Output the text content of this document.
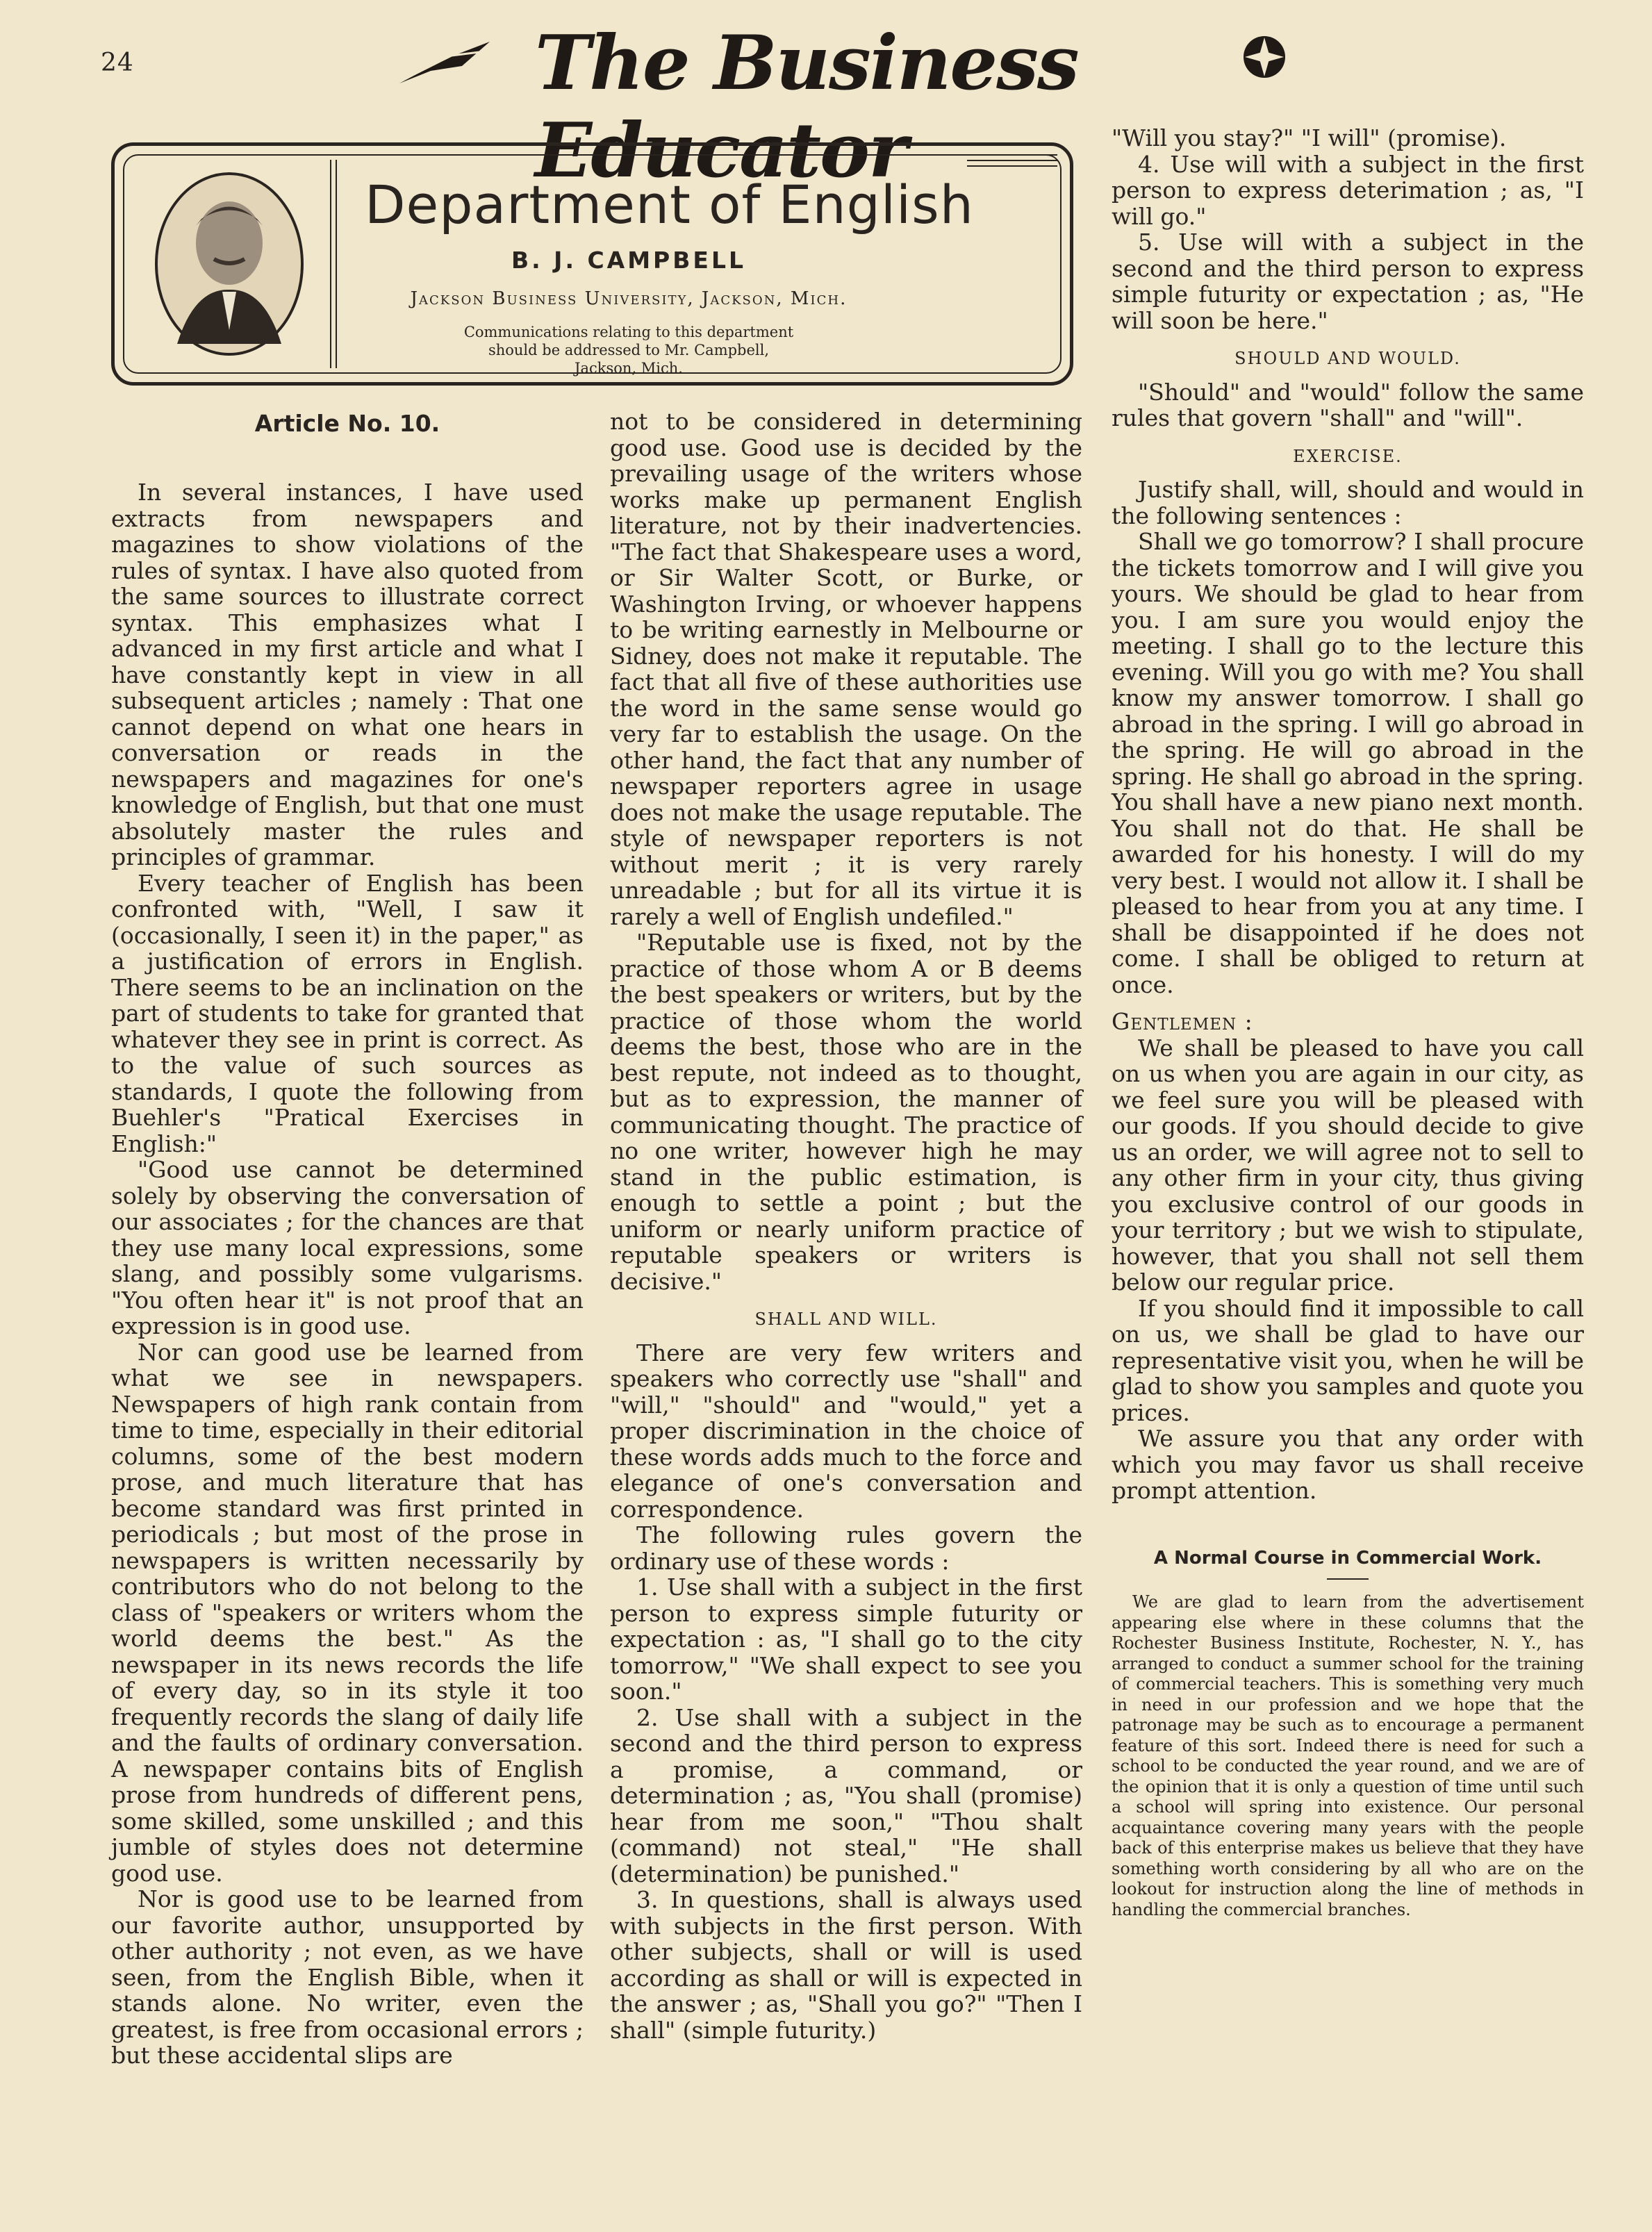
24	The Business Educator
Department of English
B. J. CAMPBELL
Jackson Business University, Jackson, Mich.
Communications relating to this department should be addressed to Mr. Campbell, Jackson, Mich.
Article No. 10.

In several instances, I have used extracts from newspapers and magazines to show violations of the rules of syntax. I have also quoted from the same sources to illustrate correct syntax. This emphasizes what I advanced in my first article and what I have constantly kept in view in all subsequent articles ; namely : That one cannot depend on what one hears in conversation or reads in the newspapers and magazines for one's knowledge of English, but that one must absolutely master the rules and principles of grammar.

Every teacher of English has been confronted with, "Well, I saw it (occasionally, I seen it) in the paper," as a justification of errors in English. There seems to be an inclination on the part of students to take for granted that whatever they see in print is correct. As to the value of such sources as standards, I quote the following from Buehler's "Pratical Exercises in English:"

"Good use cannot be determined solely by observing the conversation of our associates ; for the chances are that they use many local expressions, some slang, and possibly some vulgarisms. "You often hear it" is not proof that an expression is in good use.

Nor can good use be learned from what we see in newspapers. Newspapers of high rank contain from time to time, especially in their editorial columns, some of the best modern prose, and much literature that has become standard was first printed in periodicals ; but most of the prose in newspapers is written necessarily by contributors who do not belong to the class of "speakers or writers whom the world deems the best." As the newspaper in its news records the life of every day, so in its style it too frequently records the slang of daily life and the faults of ordinary conversation. A newspaper contains bits of English prose from hundreds of different pens, some skilled, some unskilled ; and this jumble of styles does not determine good use.

Nor is good use to be learned from our favorite author, unsupported by other authority ; not even, as we have seen, from the English Bible, when it stands alone. No writer, even the greatest, is free from occasional errors ; but these accidental slips are

not to be considered in determining good use. Good use is decided by the prevailing usage of the writers whose works make up permanent English literature, not by their inadvertencies. "The fact that Shakespeare uses a word, or Sir Walter Scott, or Burke, or Washington Irving, or whoever happens to be writing earnestly in Melbourne or Sidney, does not make it reputable. The fact that all five of these authorities use the word in the same sense would go very far to establish the usage. On the other hand, the fact that any number of newspaper reporters agree in usage does not make the usage reputable. The style of newspaper reporters is not without merit ; it is very rarely unreadable ; but for all its virtue it is rarely a well of English undefiled."

"Reputable use is fixed, not by the practice of those whom A or B deems the best speakers or writers, but by the practice of those whom the world deems the best, those who are in the best repute, not indeed as to thought, but as to expression, the manner of communicating thought. The practice of no one writer, however high he may stand in the public estimation, is enough to settle a point ; but the uniform or nearly uniform practice of reputable speakers or writers is decisive."

SHALL AND WILL.

There are very few writers and speakers who correctly use "shall" and "will," "should" and "would," yet a proper discrimination in the choice of these words adds much to the force and elegance of one's conversation and correspondence.

The following rules govern the ordinary use of these words :

1. Use shall with a subject in the first person to express simple futurity or expectation : as, "I shall go to the city tomorrow," "We shall expect to see you soon."

2. Use shall with a subject in the second and the third person to express a promise, a command, or determination ; as, "You shall (promise) hear from me soon," "Thou shalt (command) not steal," "He shall (determination) be punished."

3. In questions, shall is always used with subjects in the first person. With other subjects, shall or will is used according as shall or will is expected in the answer ; as, "Shall you go?" "Then I shall" (simple futurity.)

"Will you stay?" "I will" (promise).

4. Use will with a subject in the first person to express deterimation ; as, "I will go."

5. Use will with a subject in the second and the third person to express simple futurity or expectation ; as, "He will soon be here."

SHOULD AND WOULD.

"Should" and "would" follow the same rules that govern "shall" and "will".

EXERCISE.

Justify shall, will, should and would in the following sentences :

Shall we go tomorrow? I shall procure the tickets tomorrow and I will give you yours. We should be glad to hear from you. I am sure you would enjoy the meeting. I shall go to the lecture this evening. Will you go with me? You shall know my answer tomorrow. I shall go abroad in the spring. I will go abroad in the spring. He will go abroad in the spring. He shall go abroad in the spring. You shall have a new piano next month. You shall not do that. He shall be awarded for his honesty. I will do my very best. I would not allow it. I shall be pleased to hear from you at any time. I shall be disappointed if he does not come. I shall be obliged to return at once.

Gentlemen :

We shall be pleased to have you call on us when you are again in our city, as we feel sure you will be pleased with our goods. If you should decide to give us an order, we will agree not to sell to any other firm in your city, thus giving you exclusive control of our goods in your territory ; but we wish to stipulate, however, that you shall not sell them below our regular price.

If you should find it impossible to call on us, we shall be glad to have our representative visit you, when he will be glad to show you samples and quote you prices.

We assure you that any order with which you may favor us shall receive prompt attention.

A Normal Course in Commercial Work.

We are glad to learn from the advertisement appearing else where in these columns that the Rochester Business Institute, Rochester, N. Y., has arranged to conduct a summer school for the training of commercial teachers. This is something very much in need in our profession and we hope that the patronage may be such as to encourage a permanent feature of this sort. Indeed there is need for such a school to be conducted the year round, and we are of the opinion that it is only a question of time until such a school will spring into existence. Our personal acquaintance covering many years with the people back of this enterprise makes us believe that they have something worth considering by all who are on the lookout for instruction along the line of methods in handling the commercial branches.
